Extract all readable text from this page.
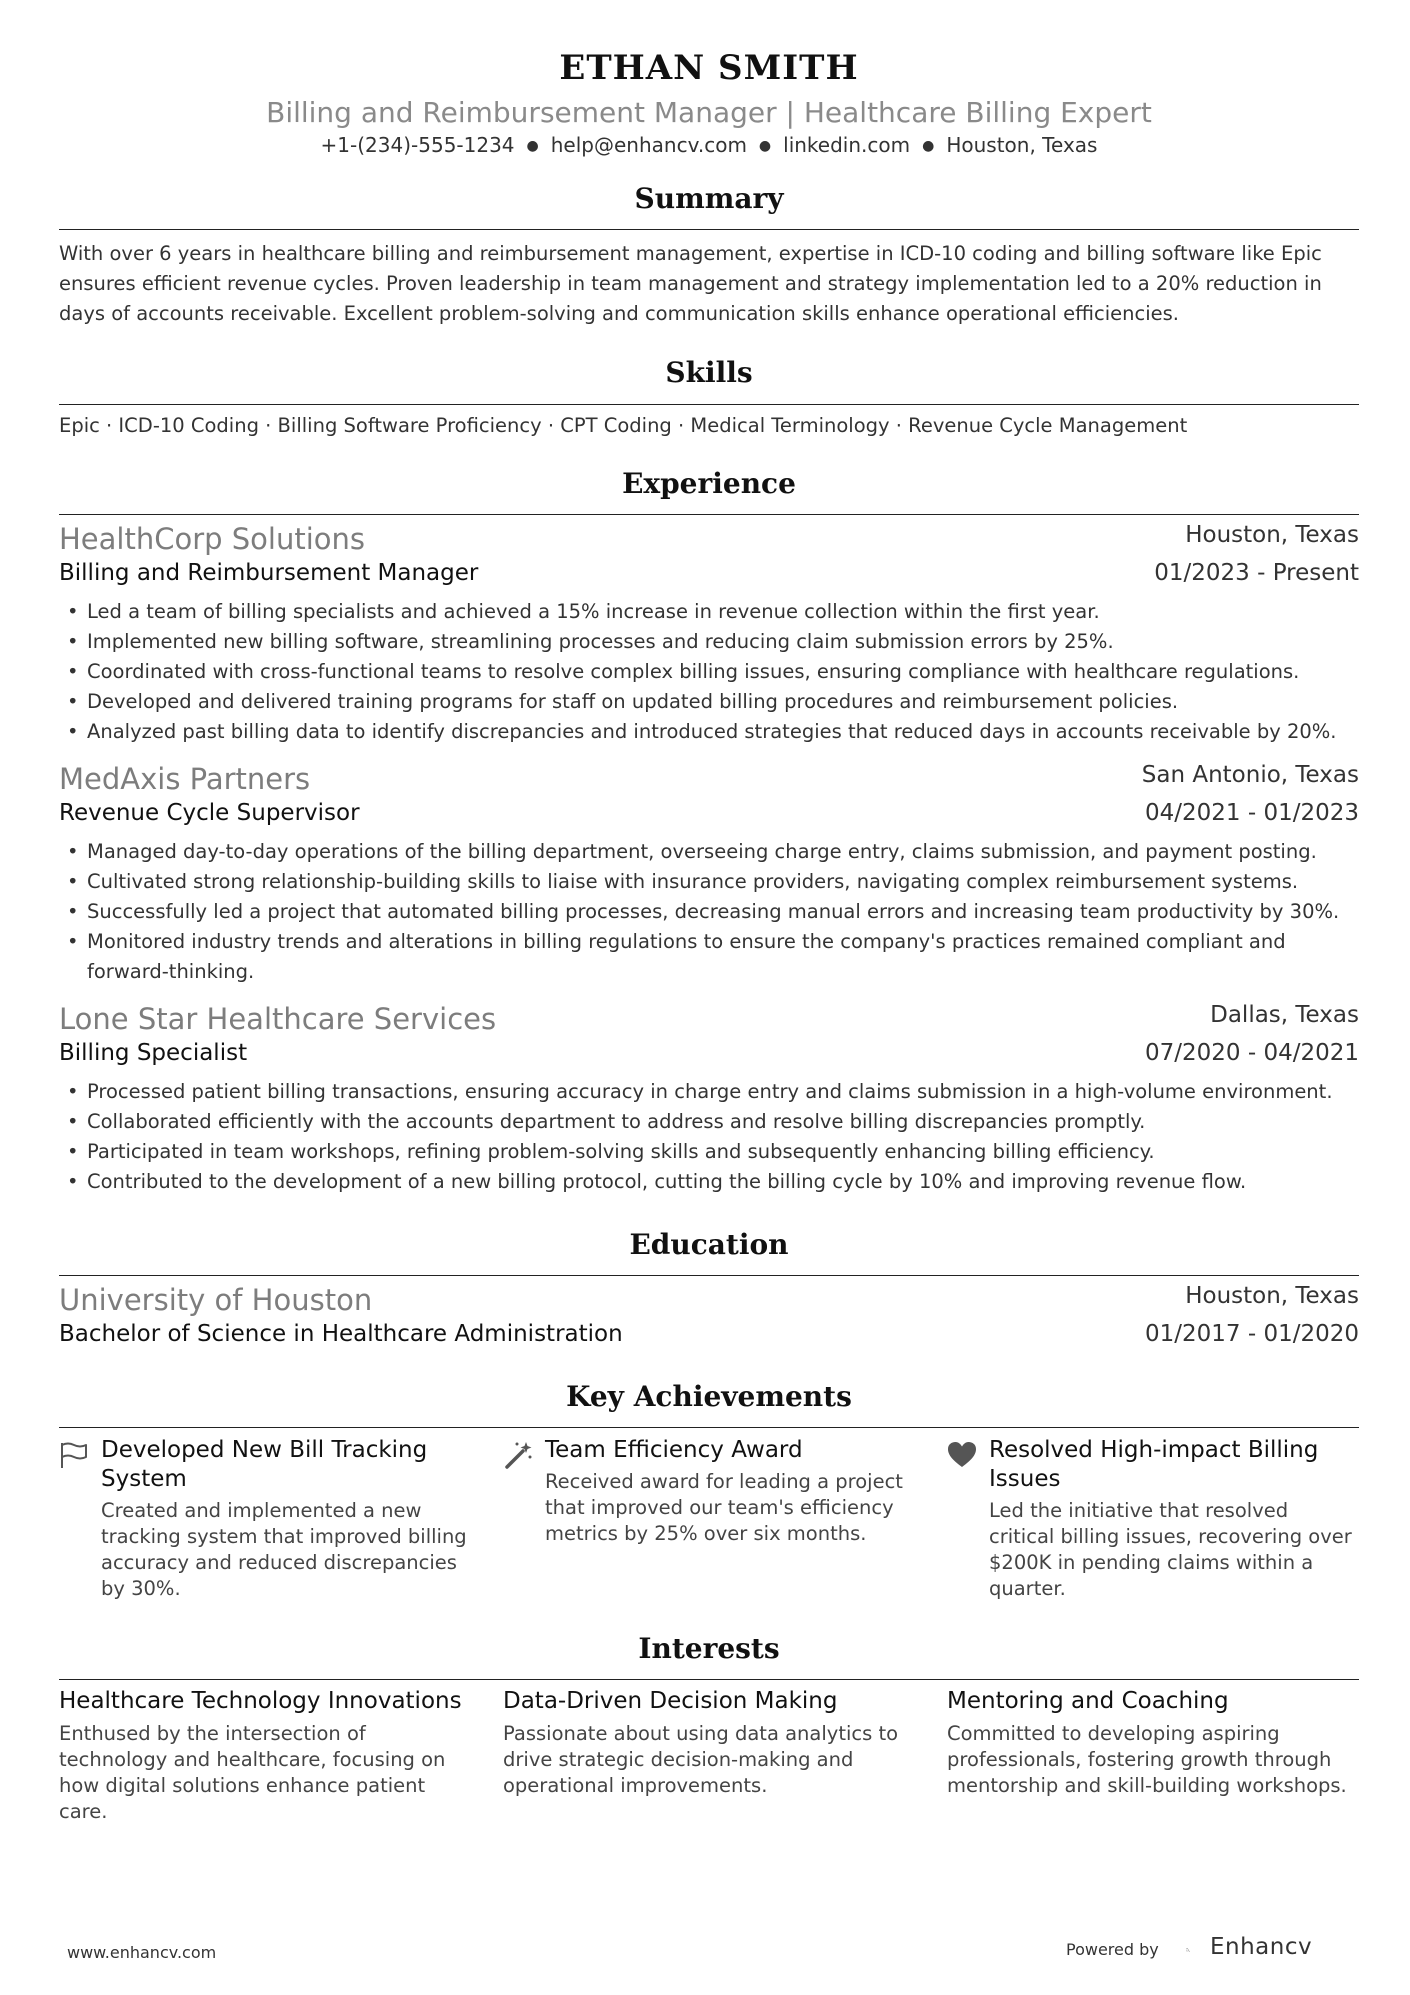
ETHAN SMITH
Billing and Reimbursement Manager | Healthcare Billing Expert
+1-(234)-555-1234 ● help@enhancv.com ● linkedin.com ● Houston, Texas
Summary
With over 6 years in healthcare billing and reimbursement management, expertise in ICD-10 coding and billing software like Epic ensures efficient revenue cycles. Proven leadership in team management and strategy implementation led to a 20% reduction in days of accounts receivable. Excellent problem-solving and communication skills enhance operational efficiencies.
Skills
Epic · ICD-10 Coding · Billing Software Proficiency · CPT Coding · Medical Terminology · Revenue Cycle Management
Experience
HealthCorp Solutions	Houston, Texas
Billing and Reimbursement Manager	01/2023 - Present
• Led a team of billing specialists and achieved a 15% increase in revenue collection within the first year.
• Implemented new billing software, streamlining processes and reducing claim submission errors by 25%.
• Coordinated with cross-functional teams to resolve complex billing issues, ensuring compliance with healthcare regulations.
• Developed and delivered training programs for staff on updated billing procedures and reimbursement policies.
• Analyzed past billing data to identify discrepancies and introduced strategies that reduced days in accounts receivable by 20%.
MedAxis Partners	San Antonio, Texas
Revenue Cycle Supervisor	04/2021 - 01/2023
• Managed day-to-day operations of the billing department, overseeing charge entry, claims submission, and payment posting.
• Cultivated strong relationship-building skills to liaise with insurance providers, navigating complex reimbursement systems.
• Successfully led a project that automated billing processes, decreasing manual errors and increasing team productivity by 30%.
• Monitored industry trends and alterations in billing regulations to ensure the company's practices remained compliant and forward-thinking.
Lone Star Healthcare Services	Dallas, Texas
Billing Specialist	07/2020 - 04/2021
• Processed patient billing transactions, ensuring accuracy in charge entry and claims submission in a high-volume environment.
• Collaborated efficiently with the accounts department to address and resolve billing discrepancies promptly.
• Participated in team workshops, refining problem-solving skills and subsequently enhancing billing efficiency.
• Contributed to the development of a new billing protocol, cutting the billing cycle by 10% and improving revenue flow.
Education
University of Houston	Houston, Texas
Bachelor of Science in Healthcare Administration	01/2017 - 01/2020
Key Achievements
Developed New Bill Tracking System
Created and implemented a new tracking system that improved billing accuracy and reduced discrepancies by 30%.
Team Efficiency Award
Received award for leading a project that improved our team's efficiency metrics by 25% over six months.
Resolved High-impact Billing Issues
Led the initiative that resolved critical billing issues, recovering over $200K in pending claims within a quarter.
Interests
Healthcare Technology Innovations
Enthused by the intersection of technology and healthcare, focusing on how digital solutions enhance patient care.
Data-Driven Decision Making
Passionate about using data analytics to drive strategic decision-making and operational improvements.
Mentoring and Coaching
Committed to developing aspiring professionals, fostering growth through mentorship and skill-building workshops.
www.enhancv.com	Powered by Enhancv
